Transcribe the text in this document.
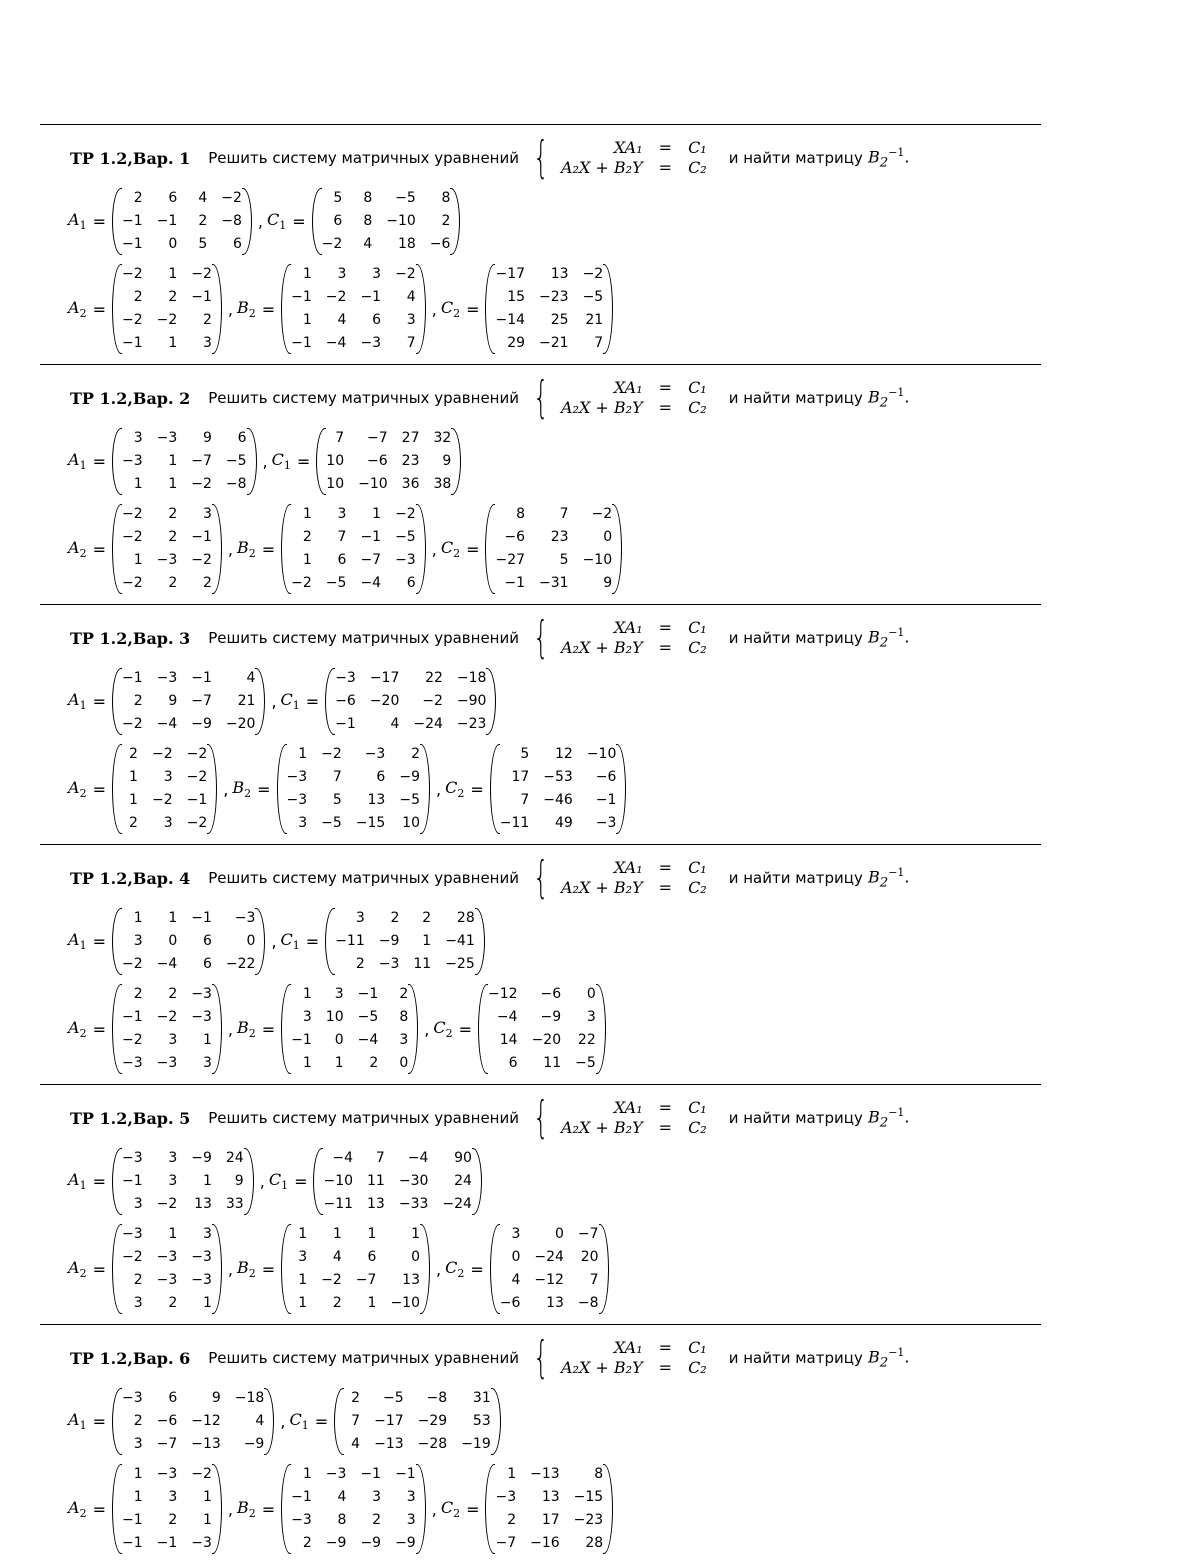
ТР 1.2,Вар. 1 Решить систему матричных уравнений {	XA₁ = C₁
A₂X + B₂Y = C₂ и найти матрицу $B_2^{-1}$.
$A_1$ =
2	6	4 −2
−1 −1	2 −8
−1	0	5	6
, $C_1$ =
5	8	−5	8
6	8 −10	2
−2	4	18 −6
$A_2$ =
−2	1 −2
2	2 −1
−2 −2	2
−1	1	3
, $B_2$ =
1	3	3 −2
−1 −2 −1	4
1	4	6	3
−1 −4 −3	7
, $C_2$ =
−17	13 −2
15 −23 −5
−14	25 21
29 −21	7
ТР 1.2,Вар. 2 Решить систему матричных уравнений {	XA₁ = C₁
A₂X + B₂Y = C₂ и найти матрицу $B_2^{-1}$.
$A_1$ =
3 −3	9	6
−3	1 −7 −5
1	1 −2 −8
, $C_1$ =
7	−7 27 32
10	−6 23	9
10 −10 36 38
$A_2$ =
−2	2	3
−2	2 −1
1 −3 −2
−2	2	2
, $B_2$ =
1	3	1 −2
2	7 −1 −5
1	6 −7 −3
−2 −5 −4	6
, $C_2$ =
8	7	−2
−6	23	0
−27	5 −10
−1 −31	9
ТР 1.2,Вар. 3 Решить систему матричных уравнений {	XA₁ = C₁
A₂X + B₂Y = C₂ и найти матрицу $B_2^{-1}$.
$A_1$ =
−1 −3 −1	4
2	9 −7	21
−2 −4 −9 −20
, $C_1$ =
−3 −17	22 −18
−6 −20	−2 −90
−1	4 −24 −23
$A_2$ =
2 −2 −2
1	3 −2
1 −2 −1
2	3 −2
, $B_2$ =
1 −2	−3	2
−3	7	6 −9
−3	5	13 −5
3 −5 −15 10
, $C_2$ =
5	12 −10
17 −53	−6
7 −46	−1
−11	49	−3
ТР 1.2,Вар. 4 Решить систему матричных уравнений {	XA₁ = C₁
A₂X + B₂Y = C₂ и найти матрицу $B_2^{-1}$.
$A_1$ =
1	1 −1	−3
3	0	6	0
−2 −4	6 −22
, $C_1$ =
3	2	2	28
−11 −9	1 −41
2 −3 11 −25
$A_2$ =
2	2 −3
−1 −2 −3
−2	3	1
−3 −3	3
, $B_2$ =
1	3 −1	2
3 10 −5	8
−1	0 −4	3
1	1	2	0
, $C_2$ =
−12	−6	0
−4	−9	3
14 −20 22
6	11 −5
ТР 1.2,Вар. 5 Решить систему матричных уравнений {	XA₁ = C₁
A₂X + B₂Y = C₂ и найти матрицу $B_2^{-1}$.
$A_1$ =
−3	3 −9 24
−1	3	1	9
3 −2 13 33
, $C_1$ =
−4	7	−4	90
−10 11 −30	24
−11 13 −33 −24
$A_2$ =
−3	1	3
−2 −3 −3
2 −3 −3
3	2	1
, $B_2$ =
1	1	1	1
3	4	6	0
1 −2 −7	13
1	2	1 −10
, $C_2$ =
3	0 −7
0 −24 20
4 −12	7
−6	13 −8
ТР 1.2,Вар. 6 Решить систему матричных уравнений {	XA₁ = C₁
A₂X + B₂Y = C₂ и найти матрицу $B_2^{-1}$.
$A_1$ =
−3	6	9 −18
2 −6 −12	4
3 −7 −13	−9
, $C_1$ =
2	−5	−8	31
7 −17 −29	53
4 −13 −28 −19
$A_2$ =
1 −3 −2
1	3	1
−1	2	1
−1 −1 −3
, $B_2$ =
1 −3 −1 −1
−1	4	3	3
−3	8	2	3
2 −9 −9 −9
, $C_2$ =
1 −13	8
−3	13 −15
2	17 −23
−7 −16	28
